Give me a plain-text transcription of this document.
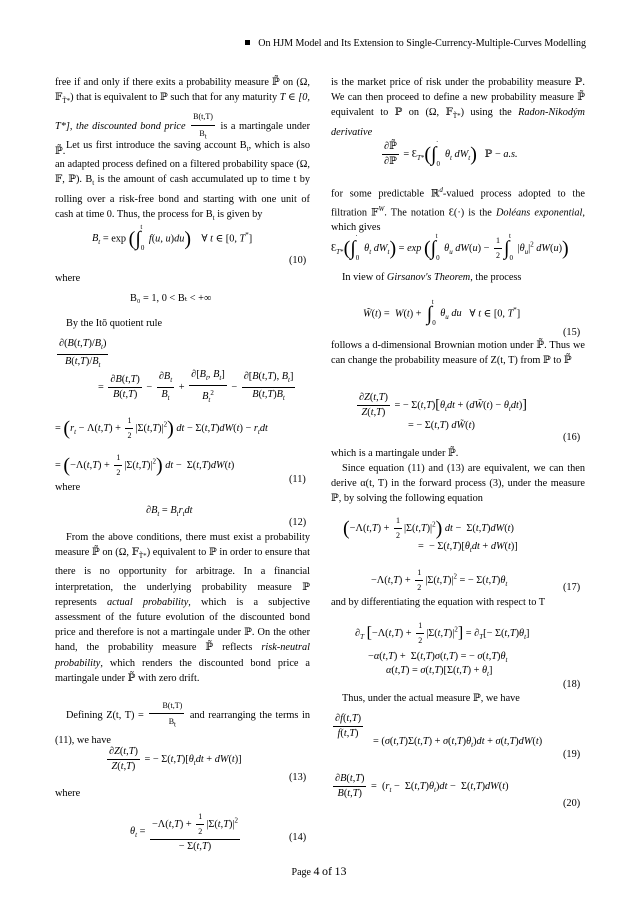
On HJM Model and Its Extension to Single-Currency-Multiple-Curves Modelling

free if and only if there exits a probability measure ℙ̃ on (Ω, 𝔽$_{T̃*}$) that is equivalent to ℙ such that for any maturity T ∈ [0, T*], the discounted bond price $\frac{B(t,T)}{B_t}$ is a martingale under ℙ̃.

Let us first introduce the saving account $B_t$, which is also an adapted process defined on a filtered probability space (Ω, 𝔽, ℙ). $B_t$ is the amount of cash accumulated up to time t by rolling over a risk-free bond and starting with one unit of cash at time 0. Thus, the process for $B_t$ is given by

$B_t = \exp (\int_0^t$ f(u, u)du)    ∀ t ∈ [0, T*]
(10)
where
B₀ = 1, 0 < Bₜ < +∞
By the Itō quotient rule
$\frac{\partial(B(t,T)/B_t)}{B(t,T)/B_t}$
= $\frac{\partial B(t,T)}{B(t,T)} - \frac{\partial B_t}{B_t} + \frac{\partial[B_t, B_t]}{B_t^2} - \frac{\partial[B(t,T), B_t]}{B(t,T)B_t}$
= $(r_t - \Lambda(t,T) + \frac{1}{2} |\Sigma(t,T)|^2)$ dt − $\Sigma(t,T)dW(t) - r_tdt$
= $(-\Lambda(t,T) + \frac{1}{2} |\Sigma(t,T)|^2)$ dt −  Σ(t,T)dW(t)
(11)
where
$\partial B_t = B_tr_tdt$
(12)

From the above conditions, there must exist a probability measure ℙ̃ on (Ω, 𝔽$_{T̃*}$) equivalent to ℙ in order to ensure that there is no opportunity for arbitrage. In a financial interpretation, the underlying probability measure ℙ represents actual probability, which is a subjective assessment of the future evolution of the discounted bond price and therefore is not a martingale under ℙ. On the other hand, the probability measure ℙ̃ reflects risk-neutral probability, which renders the discounted bond price a martingale under ℙ̃ with zero drift.

Defining Z(t, $T) = \frac{B(t,T)}{B_t}$ and rearranging the terms in (11), we have

$\frac{\partial Z(t,T)}{Z(t,T)}$ = − $\Sigma(t,T)[\theta_tdt + dW(t)]$
(13)
where
$\theta_t = \frac{-\Lambda(t,T) + \frac{1}{2} |\Sigma(t,T)|^2}{- \Sigma(t,T)}$	(14)

is the market price of risk under the probability measure ℙ. We can then proceed to define a new probability measure ℙ̃ equivalent to ℙ on (Ω, 𝔽$_{T̃*}$) using the Radon-Nikodým derivative

$\frac{\text{∂ℙ̃}}{\text{∂ℙ}}$ = $Ɛ_{T*}(\int_0^\cdot$ $\theta_t$ $dW_t$)   ℙ − a.s.

for some predictable ℝ$^d$-valued process adopted to the filtration 𝔽$^W$. The notation Ɛ(·) is the Doléans exponential, which gives

$Ɛ_{T*}(\int_0^\cdot$ $\theta_t$ $dW_t) = \exp (\int_0^t$ $\theta_u$ $dW(u) - \frac{1}{2} \int_0^t$ $|\theta_u|^2$ dW(u))
In view of Girsanov's Theorem, the process
W̃(t) =  $W(t) + \int_0^t$ $\theta_u$ du   ∀ t ∈ [0, T*]
(15)

follows a d-dimensional Brownian motion under ℙ̃. Thus we can change the probability measure of Z(t, T) from ℙ to ℙ̃

$\frac{\partial Z(t,T)}{Z(t,T)}$ = − $\Sigma(t,T)[\theta_tdt$ + (dW̃(t) − $\theta_tdt$)]
= − Σ(t,T) dW̃(t)
(16)

which is a martingale under ℙ̃.

Since equation (11) and (13) are equivalent, we can then derive α(t, T) in the forward process (3), under the measure ℙ, by solving the following equation

$(-\Lambda(t,T) + \frac{1}{2} |\Sigma(t,T)|^2)$ dt −  Σ(t,T)dW(t)
=  − $\Sigma(t,T)[\theta_tdt + dW(t)]$
$-\Lambda(t,T) + \frac{1}{2} |\Sigma(t,T)|^2$ = − $\Sigma(t,T)\theta_t$	(17)

and by differentiating the equation with respect to T

$\partial_T$ $[-\Lambda(t,T) + \frac{1}{2} |\Sigma(t,T)|^2] = \partial_T[- \Sigma(t,T)\theta_t]$
−α(t,T) +  Σ(t,T)σ(t,T) = − $\sigma(t,T)\theta_t$
$\alpha(t,T) = \sigma(t,T)[\Sigma(t,T) + \theta_t]$
(18)
Thus, under the actual measure ℙ, we have
$\frac{\partial f(t,T)}{f(t,T)}$
= $(\sigma(t,T)\Sigma(t,T) + \sigma(t,T)\theta_t)dt + \sigma(t,T)dW(t)$
(19)
$\frac{\partial B(t,T)}{B(t,T)} = (r_t - \Sigma(t,T)\theta_t)dt - \Sigma(t,T)dW(t)$
(20)
Page 4 of 13
